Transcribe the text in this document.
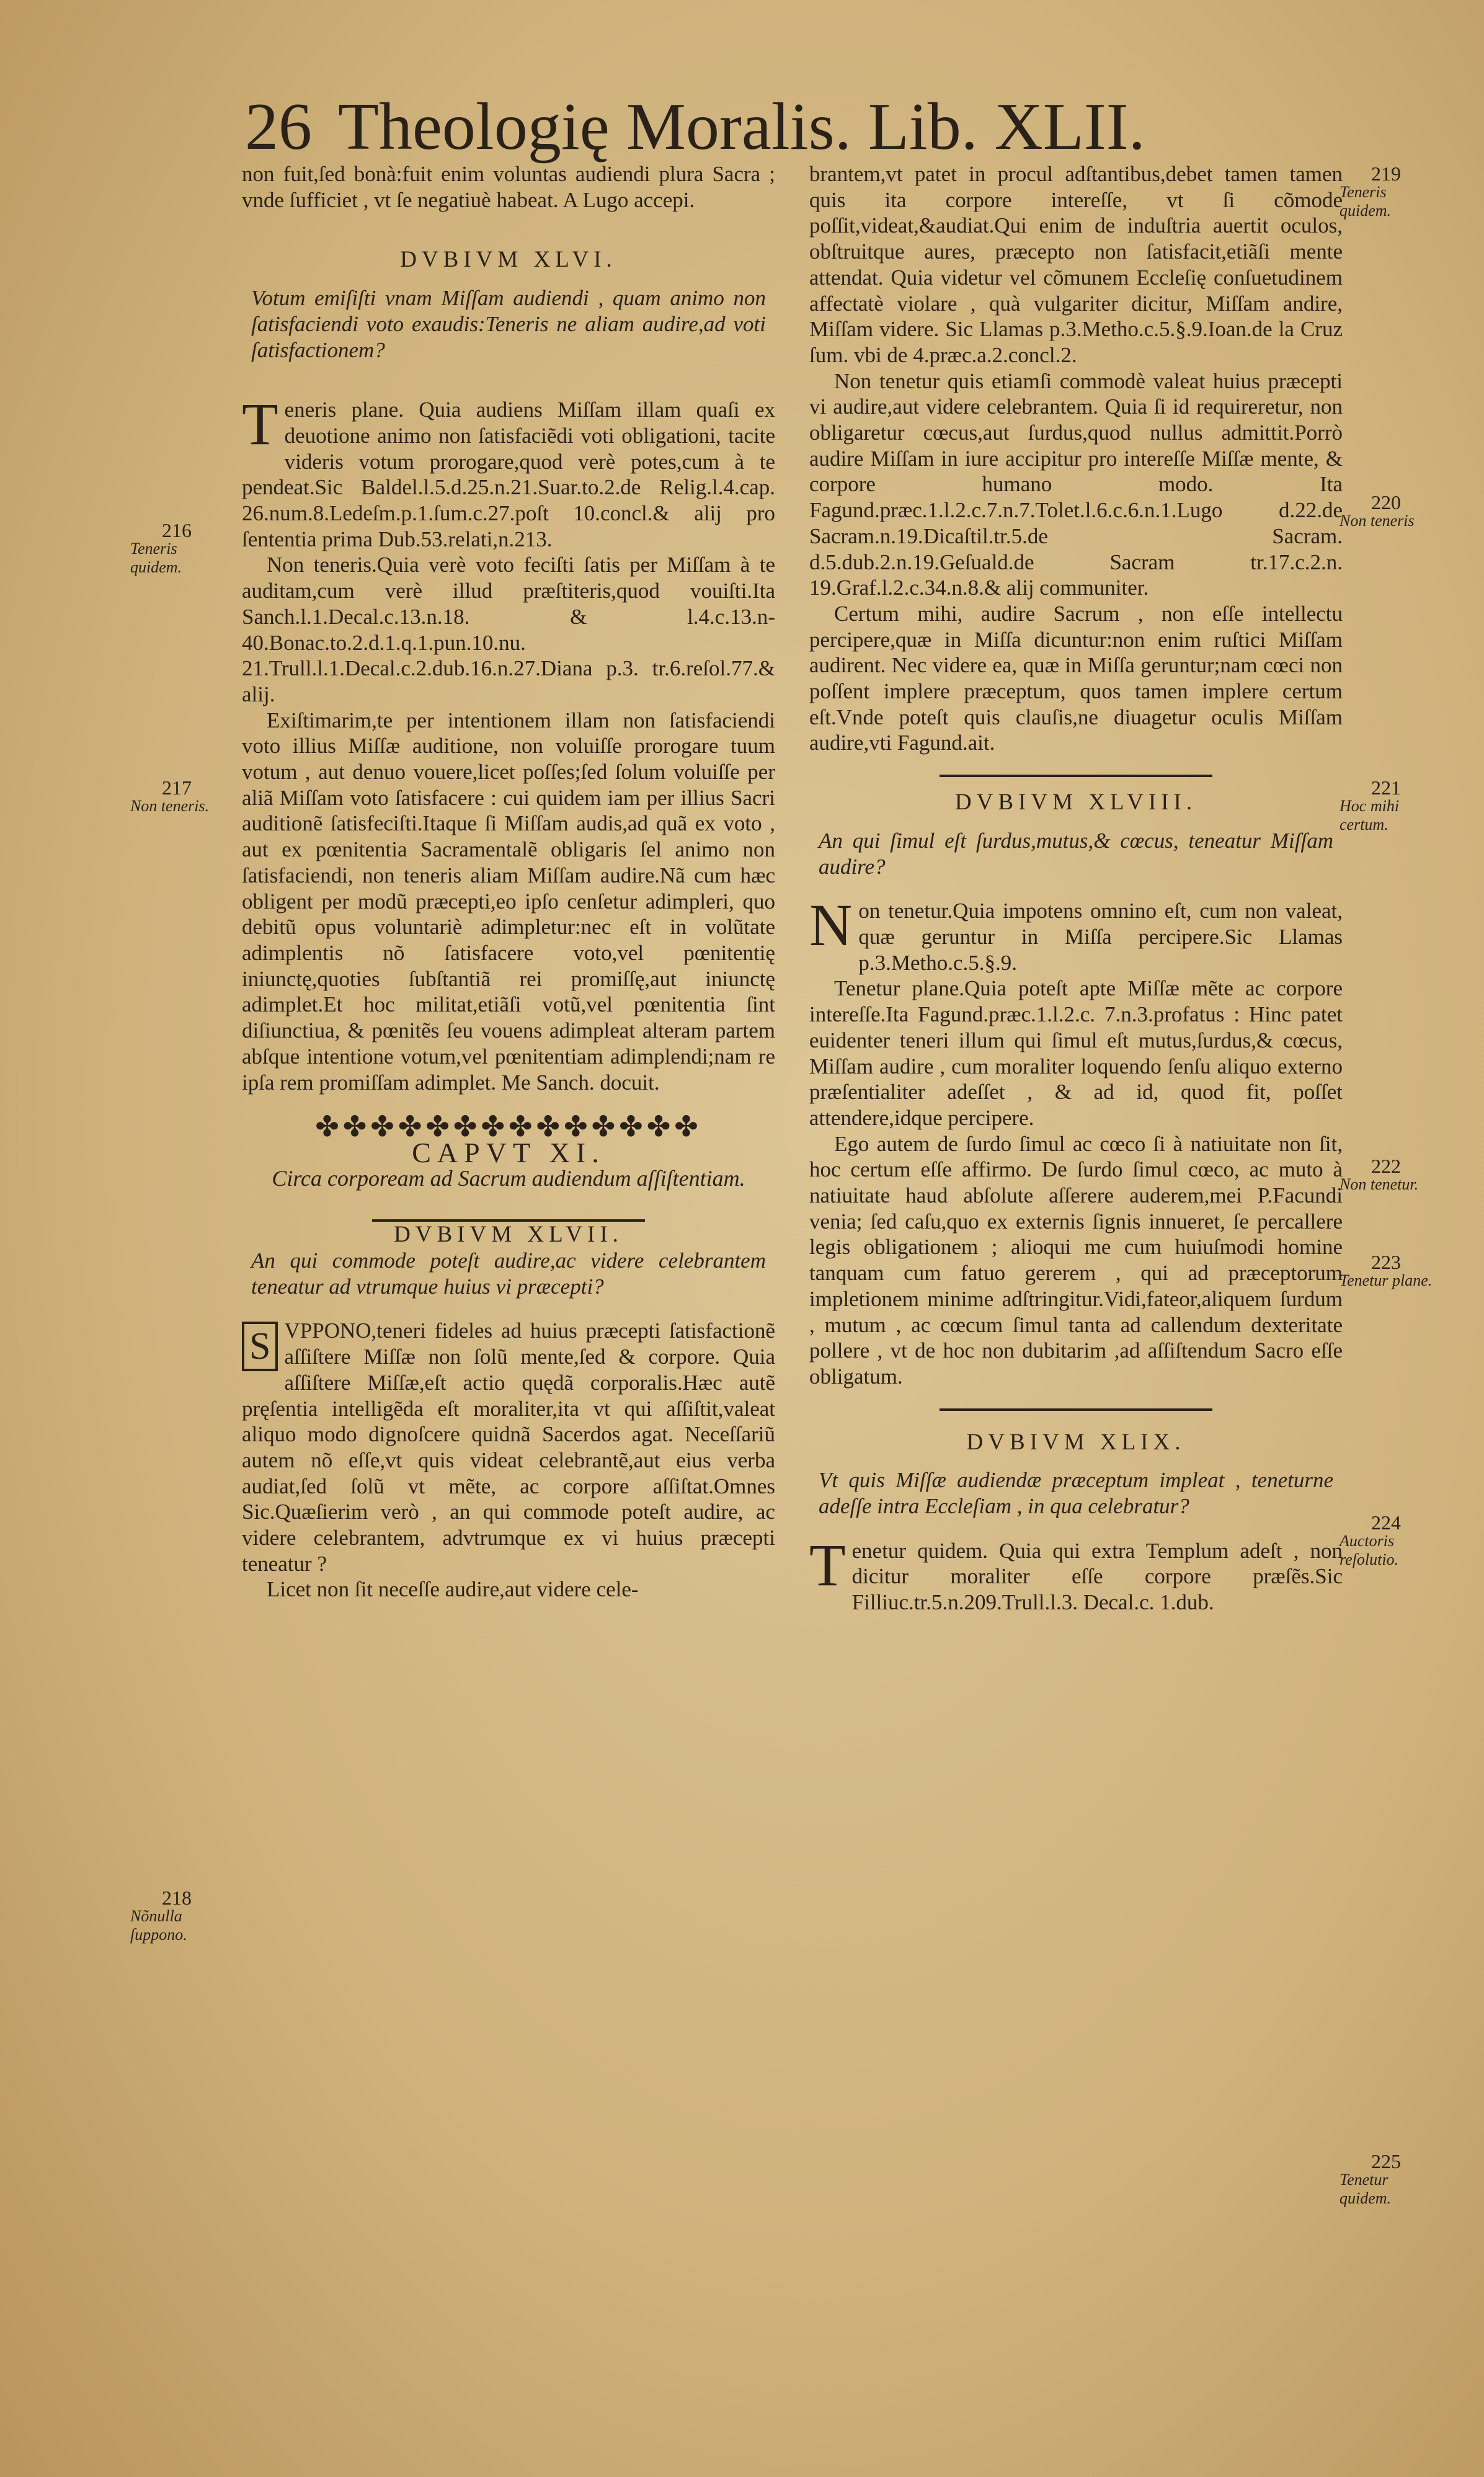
26 Theologię Moralis. Lib. XLII.

non fuit,ſed bonà:fuit enim voluntas audiendi plura Sacra ; vnde ſufficiet , vt ſe negatiuè habeat. A Lugo accepi.

DVBIVM XLVI.

Votum emiſiſti vnam Miſſam audiendi , quam animo non ſatisfaciendi voto exaudis:Teneris ne aliam audire,ad voti ſatisfactionem?

Teneris plane. Quia audiens Miſſam illam quaſi ex deuotione animo non ſatisfaciẽdi voti obligationi, tacite videris votum prorogare,quod verè potes,cum à te pendeat.Sic Baldel.l.5.d.25.n.21.Suar.to.2.de Relig.l.4.cap. 26.num.8.Ledeſm.p.1.ſum.c.27.poſt 10.concl.& alij pro ſententia prima Dub.53.relati,n.213.

Non teneris.Quia verè voto feciſti ſatis per Miſſam à te auditam,cum verè illud præſtiteris,quod vouiſti.Ita Sanch.l.1.Decal.c.13.n.18. & l.4.c.13.n-40.Bonac.to.2.d.1.q.1.pun.10.nu. 21.Trull.l.1.Decal.c.2.dub.16.n.27.Diana p.3. tr.6.reſol.77.& alij.

Exiſtimarim,te per intentionem illam non ſatisfaciendi voto illius Miſſæ auditione, non voluiſſe prorogare tuum votum , aut denuo vouere,licet poſſes;ſed ſolum voluiſſe per aliã Miſſam voto ſatisfacere : cui quidem iam per illius Sacri auditionẽ ſatisfeciſti.Itaque ſi Miſſam audis,ad quã ex voto , aut ex pœnitentia Sacramentalẽ obligaris ſel animo non ſatisfaciendi, non teneris aliam Miſſam audire.Nã cum hæc obligent per modũ præcepti,eo ipſo cenſetur adimpleri, quo debitũ opus voluntariè adimpletur:nec eſt in volũtate adimplentis nõ ſatisfacere voto,vel pœnitentię iniunctę,quoties ſubſtantiã rei promiſſę,aut iniunctę adimplet.Et hoc militat,etiãſi votũ,vel pœnitentia ſint diſiunctiua, & pœnitẽs ſeu vouens adimpleat alteram partem abſque intentione votum,vel pœnitentiam adimplendi;nam re ipſa rem promiſſam adimplet. Me Sanch. docuit.

✤✤✤✤✤✤✤✤✤✤✤✤✤✤

CAPVT XI.

Circa corpoream ad Sacrum audiendum aſſiſtentiam.

DVBIVM XLVII.

An qui commode poteſt audire,ac videre celebrantem teneatur ad vtrumque huius vi præcepti?

S VPPONO,teneri fideles ad huius præcepti ſatisfactionẽ aſſiſtere Miſſæ non ſolũ mente,ſed & corpore. Quia aſſiſtere Miſſæ,eſt actio quędã corporalis.Hæc autẽ pręſentia intelligẽda eſt moraliter,ita vt qui aſſiſtit,valeat aliquo modo dignoſcere quidnã Sacerdos agat. Neceſſariũ autem nõ eſſe,vt quis videat celebrantẽ,aut eius verba audiat,ſed ſolũ vt mẽte, ac corpore aſſiſtat.Omnes Sic.Quæſierim verò , an qui commode poteſt audire, ac videre celebrantem, advtrumque ex vi huius præcepti teneatur ?

Licet non ſit neceſſe audire,aut videre cele-

brantem,vt patet in procul adſtantibus,debet tamen tamen quis ita corpore intereſſe, vt ſi cõmode poſſit,videat,&audiat.Qui enim de induſtria auertit oculos, obſtruitque aures, præcepto non ſatisfacit,etiãſi mente attendat. Quia videtur vel cõmunem Eccleſię conſuetudinem affectatè violare , quà vulgariter dicitur, Miſſam andire, Miſſam videre. Sic Llamas p.3.Metho.c.5.§.9.Ioan.de la Cruz ſum. vbi de 4.præc.a.2.concl.2.

Non tenetur quis etiamſi commodè valeat huius præcepti vi audire,aut videre celebrantem. Quia ſi id requireretur, non obligaretur cœcus,aut ſurdus,quod nullus admittit.Porrò audire Miſſam in iure accipitur pro intereſſe Miſſæ mente, & corpore humano modo. Ita Fagund.præc.1.l.2.c.7.n.7.Tolet.l.6.c.6.n.1.Lugo d.22.de Sacram.n.19.Dicaſtil.tr.5.de Sacram. d.5.dub.2.n.19.Geſuald.de Sacram tr.17.c.2.n. 19.Graf.l.2.c.34.n.8.& alij communiter.

Certum mihi, audire Sacrum , non eſſe intellectu percipere,quæ in Miſſa dicuntur:non enim ruſtici Miſſam audirent. Nec videre ea, quæ in Miſſa geruntur;nam cœci non poſſent implere præceptum, quos tamen implere certum eſt.Vnde poteſt quis clauſis,ne diuagetur oculis Miſſam audire,vti Fagund.ait.

DVBIVM XLVIII.

An qui ſimul eſt ſurdus,mutus,& cœcus, teneatur Miſſam audire?

Non tenetur.Quia impotens omnino eſt, cum non valeat, quæ geruntur in Miſſa percipere.Sic Llamas p.3.Metho.c.5.§.9.

Tenetur plane.Quia poteſt apte Miſſæ mẽte ac corpore intereſſe.Ita Fagund.præc.1.l.2.c. 7.n.3.profatus : Hinc patet euidenter teneri illum qui ſimul eſt mutus,ſurdus,& cœcus, Miſſam audire , cum moraliter loquendo ſenſu aliquo externo præſentialiter adeſſet , & ad id, quod fit, poſſet attendere,idque percipere.

Ego autem de ſurdo ſimul ac cœco ſi à natiuitate non ſit, hoc certum eſſe affirmo. De ſurdo ſimul cœco, ac muto à natiuitate haud abſolute aſſerere auderem,mei P.Facundi venia; ſed caſu,quo ex externis ſignis innueret, ſe percallere legis obligationem ; alioqui me cum huiuſmodi homine tanquam cum fatuo gererem , qui ad præceptorum impletionem minime adſtringitur.Vidi,fateor,aliquem ſurdum , mutum , ac cœcum ſimul tanta ad callendum dexteritate pollere , vt de hoc non dubitarim ,ad aſſiſtendum Sacro eſſe obligatum.

DVBIVM XLIX.

Vt quis Miſſæ audiendæ præceptum impleat , teneturne adeſſe intra Eccleſiam , in qua celebratur?

Tenetur quidem. Quia qui extra Templum adeſt , non dicitur moraliter eſſe corpore præſẽs.Sic Filliuc.tr.5.n.209.Trull.l.3. Decal.c. 1.dub.

216
Teneris quidem.
217
Non teneris.
218
Nõnulla ſuppono.
219
Teneris quidem.
220
Non teneris
221
Hoc mihi certum.
222
Non tenetur.
223
Tenetur plane.
224
Auctoris reſolutio.
225
Tenetur quidem.
